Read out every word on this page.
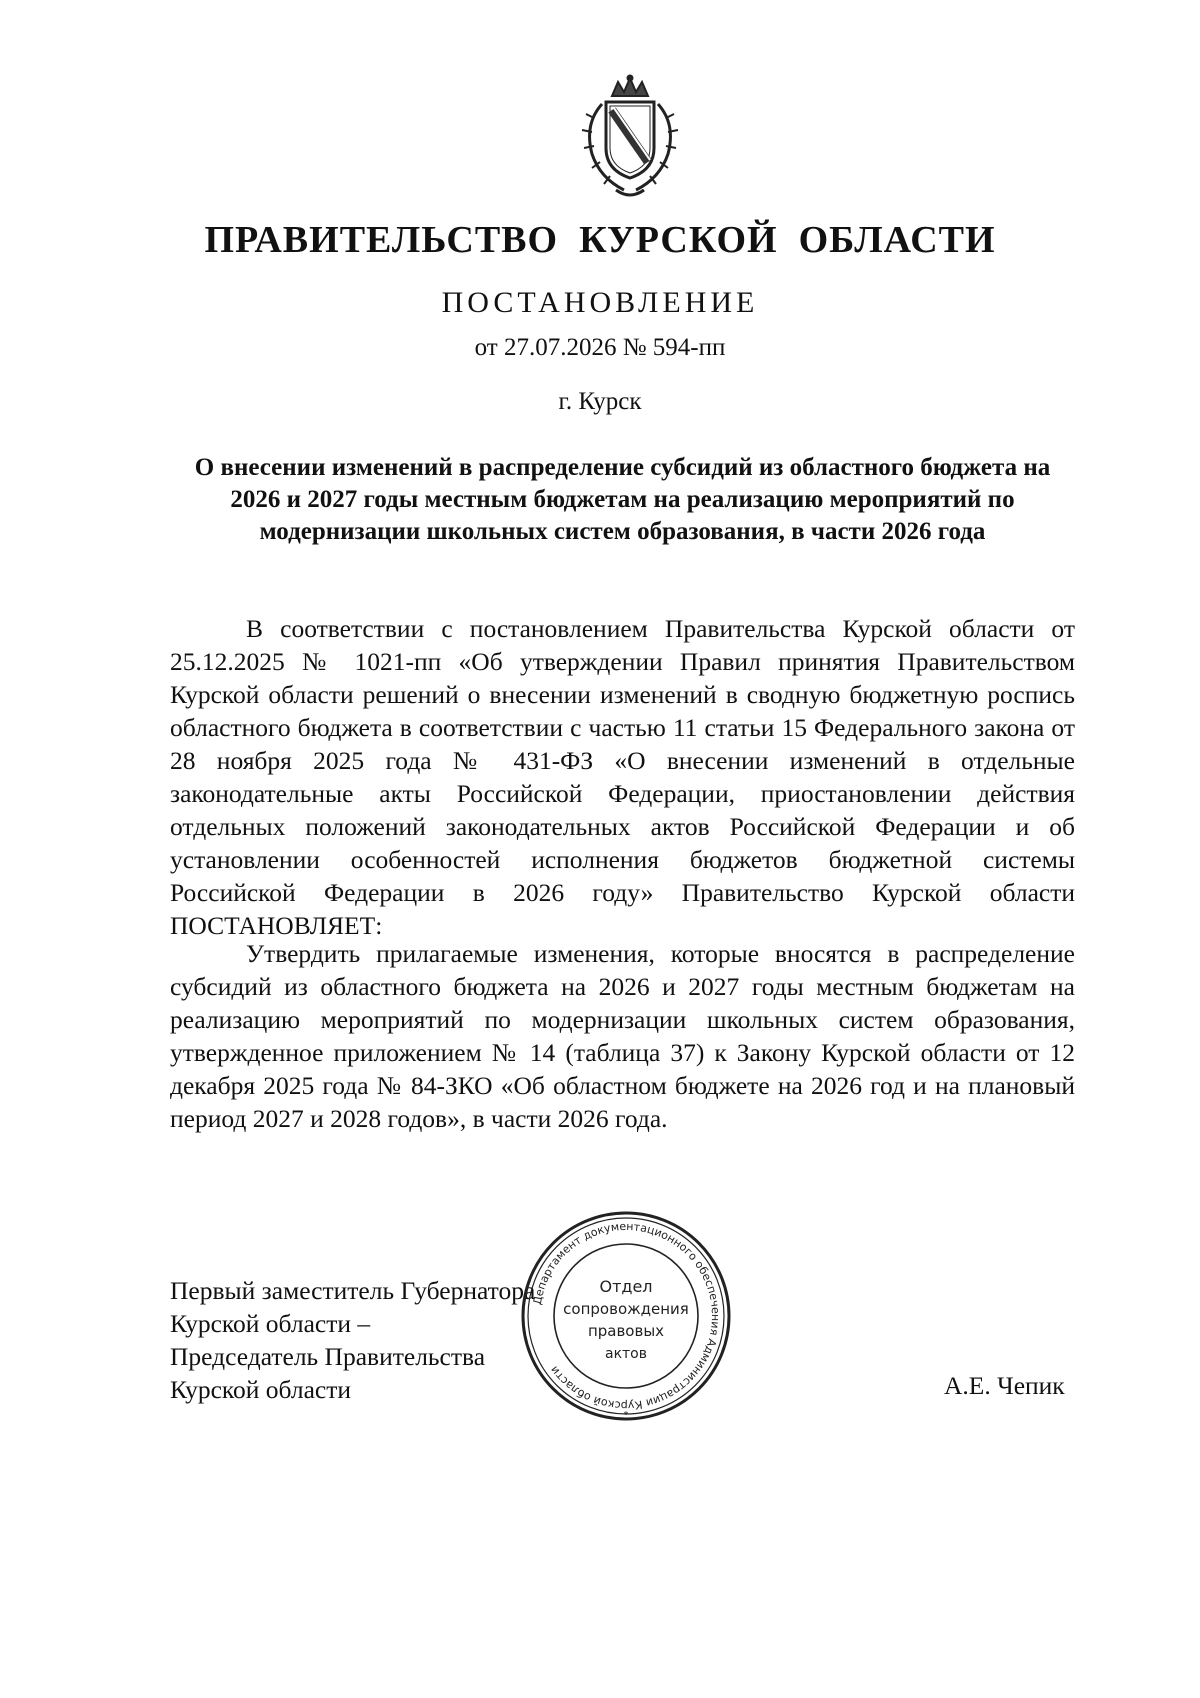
ПРАВИТЕЛЬСТВО  КУРСКОЙ  ОБЛАСТИ
ПОСТАНОВЛЕНИЕ
от 27.07.2026 № 594-пп
г. Курск
О внесении изменений в распределение субсидий из областного бюджета на 2026 и 2027 годы местным бюджетам на реализацию мероприятий по модернизации школьных систем образования, в части 2026 года
В соответствии с постановлением Правительства Курской области от 25.12.2025 № 1021-пп «Об утверждении Правил принятия Правительством Курской области решений о внесении изменений в сводную бюджетную роспись областного бюджета в соответствии с частью 11 статьи 15 Федерального закона от 28 ноября 2025 года № 431-ФЗ «О внесении изменений в отдельные законодательные акты Российской Федерации, приостановлении действия отдельных положений законодательных актов Российской Федерации и об установлении особенностей исполнения бюджетов бюджетной системы Российской Федерации в 2026 году» Правительство Курской области ПОСТАНОВЛЯЕТ:
Утвердить прилагаемые изменения, которые вносятся в распределение субсидий из областного бюджета на 2026 и 2027 годы местным бюджетам на реализацию мероприятий по модернизации школьных систем образования, утвержденное приложением № 14 (таблица 37) к Закону Курской области от 12 декабря 2025 года № 84-ЗКО «Об областном бюджете на 2026 год и на плановый период 2027 и 2028 годов», в части 2026 года.
Первый заместитель Губернатора
Курской области –
Председатель Правительства
Курской области	А.Е. Чепик
Департамент документационного обеспечения Администрации Курской области
Отдел
сопровождения
правовых
актов
*
